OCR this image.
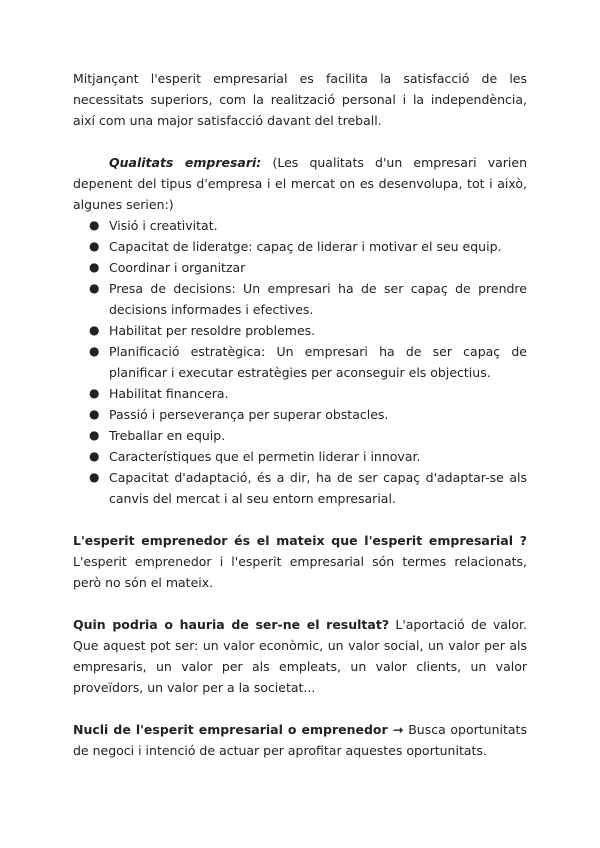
Mitjançant l'esperit empresarial es facilita la satisfacció de les necessitats superiors, com la realització personal i la independència, així com una major satisfacció davant del treball.

Qualitats empresari: (Les qualitats d'un empresari varien depenent del tipus d'empresa i el mercat on es desenvolupa, tot i això, algunes serien:)

● Visió i creativitat.
● Capacitat de lideratge: capaç de liderar i motivar el seu equip.
● Coordinar i organitzar
● Presa de decisions: Un empresari ha de ser capaç de prendre decisions informades i efectives.
● Habilitat per resoldre problemes.
● Planificació estratègica: Un empresari ha de ser capaç de planificar i executar estratègies per aconseguir els objectius.
● Habilitat financera.
● Passió i perseverança per superar obstacles.
● Treballar en equip.
● Característiques que el permetin liderar i innovar.
● Capacitat d'adaptació, és a dir, ha de ser capaç d'adaptar-se als canvis del mercat i al seu entorn empresarial.

L'esperit emprenedor és el mateix que l'esperit empresarial ? L'esperit emprenedor i l'esperit empresarial són termes relacionats, però no són el mateix.

Quin podria o hauria de ser-ne el resultat? L'aportació de valor. Que aquest pot ser: un valor econòmic, un valor social, un valor per als empresaris, un valor per als empleats, un valor clients, un valor proveïdors, un valor per a la societat...

Nucli de l'esperit empresarial o emprenedor → Busca oportunitats de negoci i intenció de actuar per aprofitar aquestes oportunitats.
